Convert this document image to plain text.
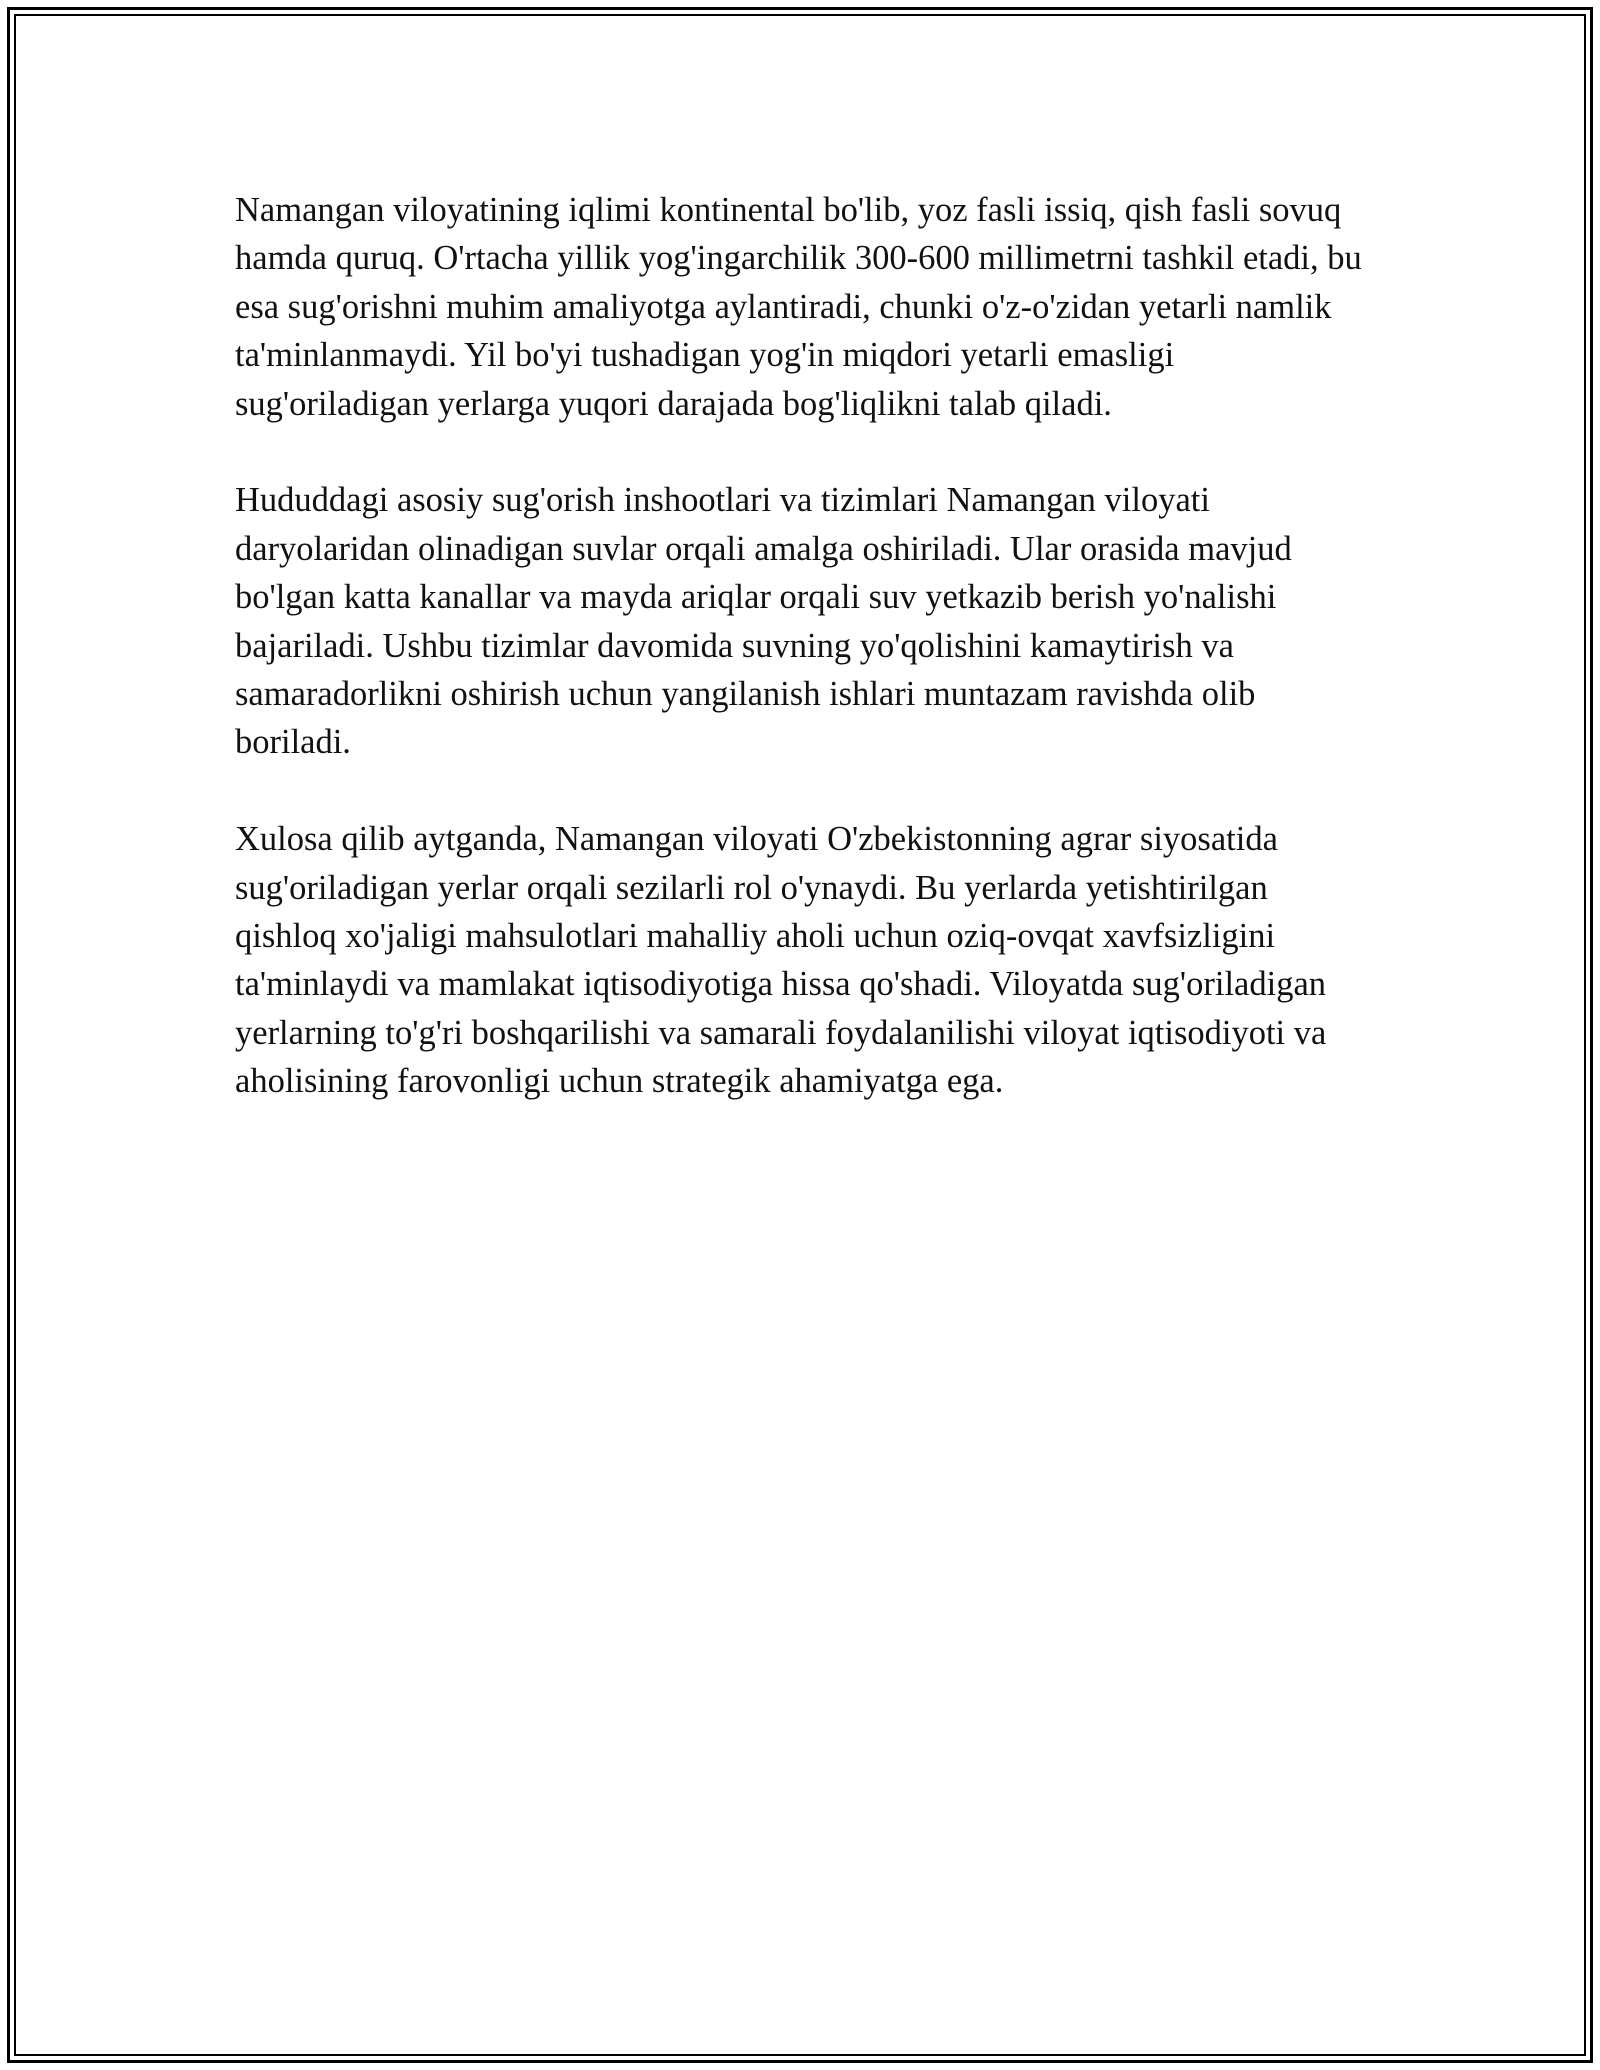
Namangan viloyatining iqlimi kontinental bo'lib, yoz fasli issiq, qish fasli sovuq hamda quruq. O'rtacha yillik yog'ingarchilik 300-600 millimetrni tashkil etadi, bu esa sug'orishni muhim amaliyotga aylantiradi, chunki o'z-o'zidan yetarli namlik ta'minlanmaydi. Yil bo'yi tushadigan yog'in miqdori yetarli emasligi sug'oriladigan yerlarga yuqori darajada bog'liqlikni talab qiladi.

Hududdagi asosiy sug'orish inshootlari va tizimlari Namangan viloyati daryolaridan olinadigan suvlar orqali amalga oshiriladi. Ular orasida mavjud bo'lgan katta kanallar va mayda ariqlar orqali suv yetkazib berish yo'nalishi bajariladi. Ushbu tizimlar davomida suvning yo'qolishini kamaytirish va samaradorlikni oshirish uchun yangilanish ishlari muntazam ravishda olib boriladi.

Xulosa qilib aytganda, Namangan viloyati O'zbekistonning agrar siyosatida sug'oriladigan yerlar orqali sezilarli rol o'ynaydi. Bu yerlarda yetishtirilgan qishloq xo'jaligi mahsulotlari mahalliy aholi uchun oziq-ovqat xavfsizligini ta'minlaydi va mamlakat iqtisodiyotiga hissa qo'shadi. Viloyatda sug'oriladigan yerlarning to'g'ri boshqarilishi va samarali foydalanilishi viloyat iqtisodiyoti va aholisining farovonligi uchun strategik ahamiyatga ega.
